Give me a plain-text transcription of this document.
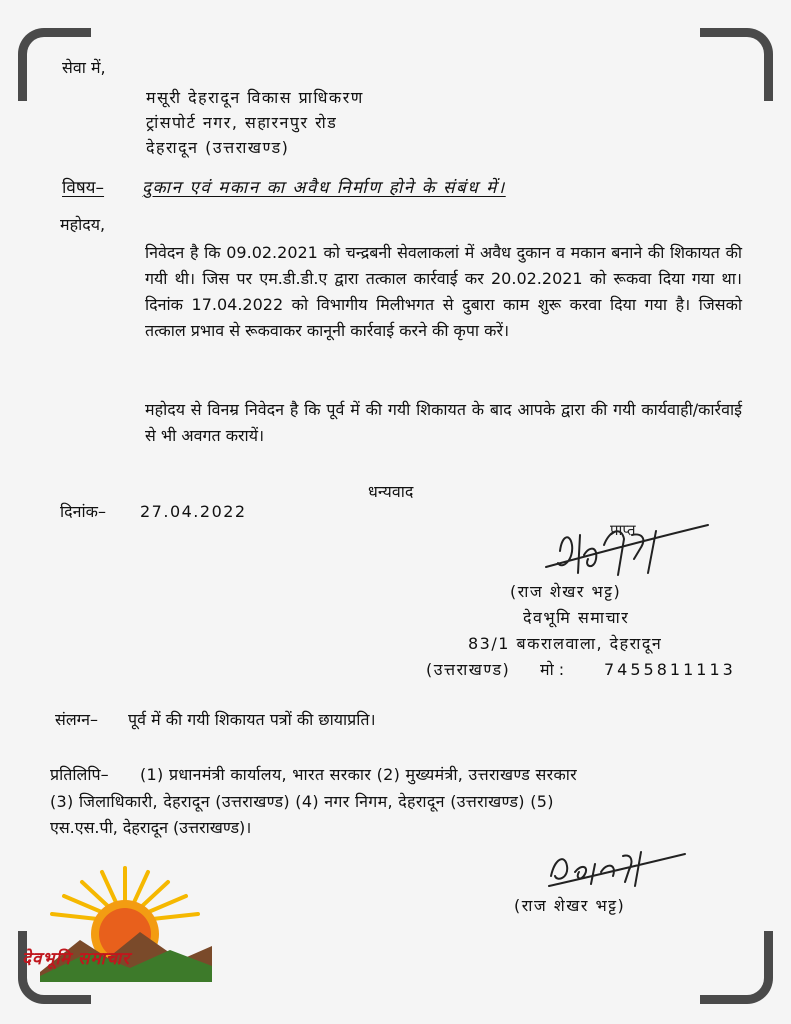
सेवा में,
मसूरी देहरादून विकास प्राधिकरण
ट्रांसपोर्ट नगर, सहारनपुर रोड
देहरादून (उत्तराखण्ड)
विषय– दुकान एवं मकान का अवैध निर्माण होने के संबंध में।
महोदय,

निवेदन है कि 09.02.2021 को चन्द्रबनी सेवलाकलां में अवैध दुकान व मकान बनाने की शिकायत की गयी थी। जिस पर एम.डी.डी.ए द्वारा तत्काल कार्रवाई कर 20.02.2021 को रूकवा दिया गया था। दिनांक 17.04.2022 को विभागीय मिलीभगत से दुबारा काम शुरू करवा दिया गया है। जिसको तत्काल प्रभाव से रूकवाकर कानूनी कार्रवाई करने की कृपा करें।

महोदय से विनम्र निवेदन है कि पूर्व में की गयी शिकायत के बाद आपके द्वारा की गयी कार्यवाही/कार्रवाई से भी अवगत करायें।

धन्यवाद
दिनांक– 27.04.2022
प्राप्त
(राज शेखर भट्ट)
देवभूमि समाचार
83/1 बकरालवाला, देहरादून
(उत्तराखण्ड) मो : 7455811113
संलग्न– पूर्व में की गयी शिकायत पत्रों की छायाप्रति।
प्रतिलिपि– (1) प्रधानमंत्री कार्यालय, भारत सरकार (2) मुख्यमंत्री, उत्तराखण्ड सरकार
(3) जिलाधिकारी, देहरादून (उत्तराखण्ड) (4) नगर निगम, देहरादून (उत्तराखण्ड) (5)
एस.एस.पी, देहरादून (उत्तराखण्ड)।
(राज शेखर भट्ट)
देवभूमि समाचार
